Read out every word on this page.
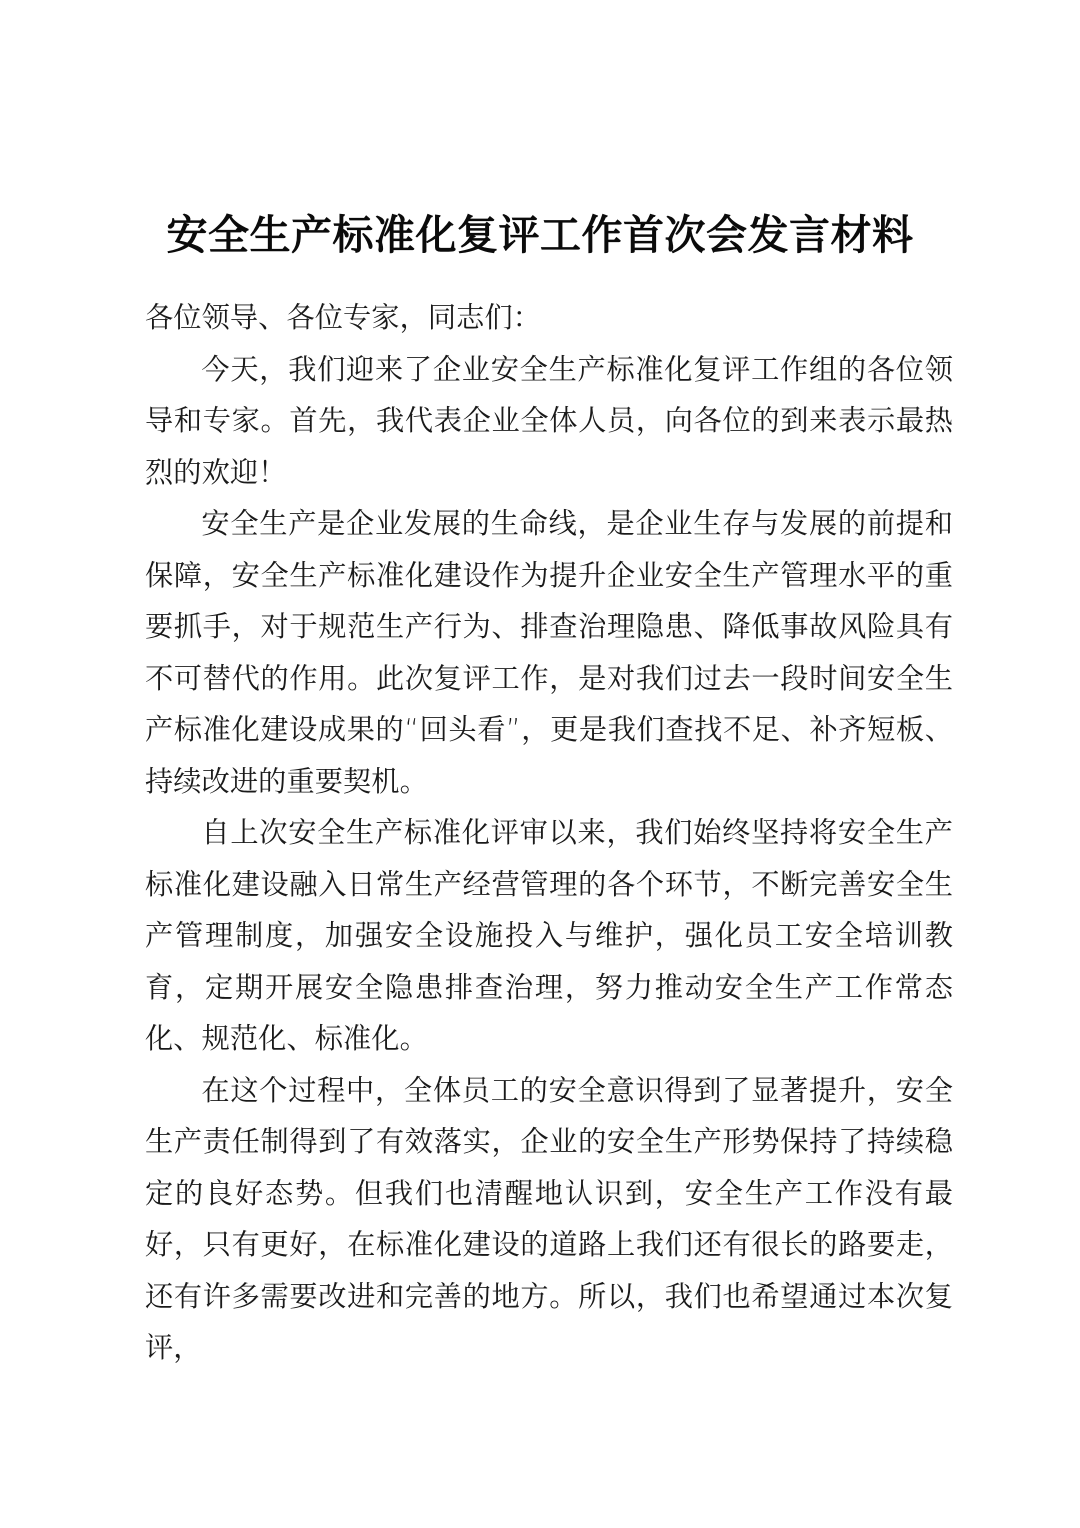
安全生产标准化复评工作首次会发言材料

各位领导、各位专家，同志们：

今天，我们迎来了企业安全生产标准化复评工作组的各位领导和专家。首先，我代表企业全体人员，向各位的到来表示最热烈的欢迎！

安全生产是企业发展的生命线，是企业生存与发展的前提和保障，安全生产标准化建设作为提升企业安全生产管理水平的重要抓手，对于规范生产行为、排查治理隐患、降低事故风险具有不可替代的作用。此次复评工作，是对我们过去一段时间安全生产标准化建设成果的“回头看”，更是我们查找不足、补齐短板、持续改进的重要契机。

自上次安全生产标准化评审以来，我们始终坚持将安全生产标准化建设融入日常生产经营管理的各个环节，不断完善安全生产管理制度，加强安全设施投入与维护，强化员工安全培训教育，定期开展安全隐患排查治理，努力推动安全生产工作常态化、规范化、标准化。

在这个过程中，全体员工的安全意识得到了显著提升，安全生产责任制得到了有效落实，企业的安全生产形势保持了持续稳定的良好态势。但我们也清醒地认识到，安全生产工作没有最好，只有更好，在标准化建设的道路上我们还有很长的路要走，还有许多需要改进和完善的地方。所以，我们也希望通过本次复评，
